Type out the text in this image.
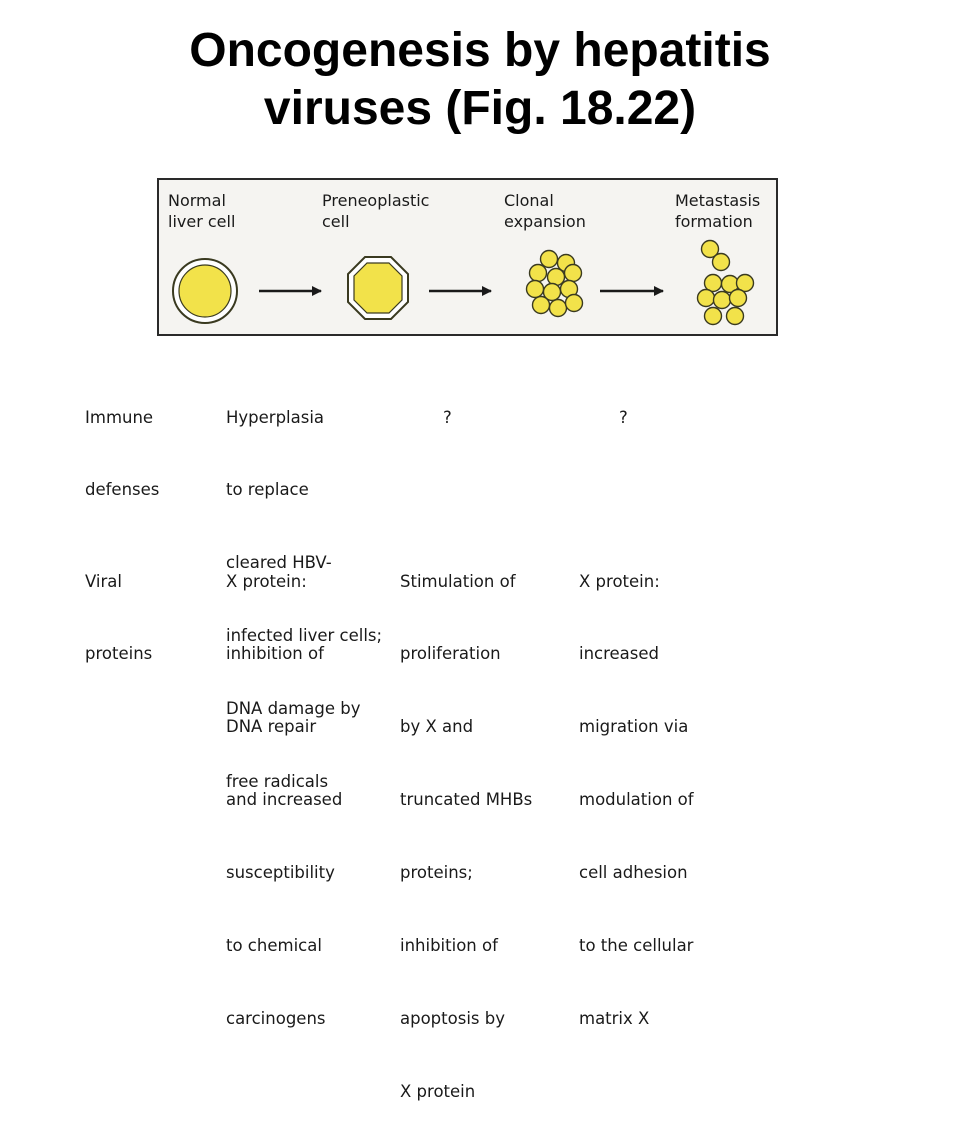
Oncogenesis by hepatitis
viruses (Fig. 18.22)
Normal
liver cell
Preneoplastic
cell
Clonal
expansion
Metastasis
formation

Immune

defenses

Viral

proteins

Hyperplasia

to replace

cleared HBV-

infected liver cells;

DNA damage by

free radicals

?

	?

X protein:

inhibition of

DNA repair

and increased

susceptibility

to chemical

carcinogens

Stimulation of

proliferation

by X and

truncated MHBs

proteins;

inhibition of

apoptosis by

X protein

X protein:

increased

migration via

modulation of

cell adhesion

to the cellular

matrix X
